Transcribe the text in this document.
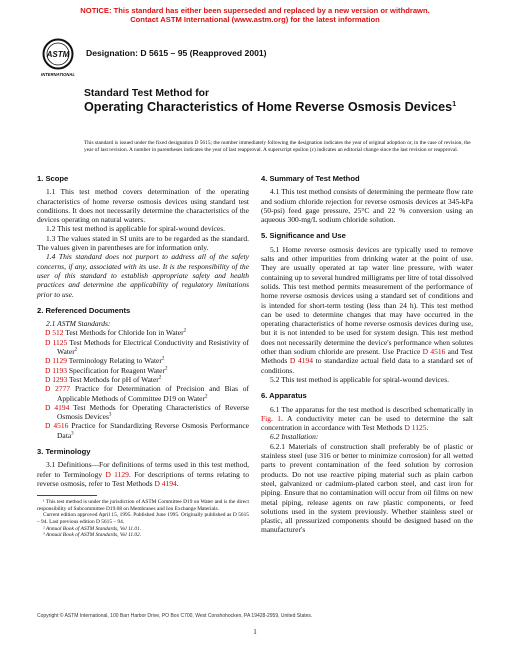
NOTICE: This standard has either been superseded and replaced by a new version or withdrawn.
Contact ASTM International (www.astm.org) for the latest information
ASTM
INTERNATIONAL
Designation: D 5615 – 95 (Reapproved 2001)
Standard Test Method for
Operating Characteristics of Home Reverse Osmosis Devices$^1$
This standard is issued under the fixed designation D 5615; the number immediately following the designation indicates the year of original adoption or, in the case of revision, the year of last revision. A number in parentheses indicates the year of last reapproval. A superscript epsilon (ε) indicates an editorial change since the last revision or reapproval.
1. Scope

1.1 This test method covers determination of the operating characteristics of home reverse osmosis devices using standard test conditions. It does not necessarily determine the characteristics of the devices operating on natural waters.

1.2 This test method is applicable for spiral-wound devices.

1.3 The values stated in SI units are to be regarded as the standard. The values given in parentheses are for information only.

1.4 This standard does not purport to address all of the safety concerns, if any, associated with its use. It is the responsibility of the user of this standard to establish appropriate safety and health practices and determine the applicability of regulatory limitations prior to use.

2. Referenced Documents

2.1 ASTM Standards:

D 512 Test Methods for Chloride Ion in Water$^2$
D 1125 Test Methods for Electrical Conductivity and Resistivity of Water$^2$
D 1129 Terminology Relating to Water$^2$
D 1193 Specification for Reagent Water$^2$
D 1293 Test Methods for pH of Water$^2$
D 2777 Practice for Determination of Precision and Bias of Applicable Methods of Committee D19 on Water$^2$
D 4194 Test Methods for Operating Characteristics of Reverse Osmosis Devices$^3$
D 4516 Practice for Standardizing Reverse Osmosis Performance Data$^3$
3. Terminology

3.1 Definitions—For definitions of terms used in this test method, refer to Terminology D 1129. For descriptions of terms relating to reverse osmosis, refer to Test Methods D 4194.

¹ This test method is under the jurisdiction of ASTM Committee D19 on Water and is the direct responsibility of Subcommittee D19.08 on Membranes and Ion Exchange Materials.

Current edition approved April 15, 1995. Published June 1995. Originally published as D 5615 – 94. Last previous edition D 5615 – 94.

² Annual Book of ASTM Standards, Vol 11.01.

³ Annual Book of ASTM Standards, Vol 11.02.

4. Summary of Test Method

4.1 This test method consists of determining the permeate flow rate and sodium chloride rejection for reverse osmosis devices at 345-kPa (50-psi) feed gage pressure, 25°C and 22 % conversion using an aqueous 300-mg/L sodium chloride solution.

5. Significance and Use

5.1 Home reverse osmosis devices are typically used to remove salts and other impurities from drinking water at the point of use. They are usually operated at tap water line pressure, with water containing up to several hundred milligrams per litre of total dissolved solids. This test method permits measurement of the performance of home reverse osmosis devices using a standard set of conditions and is intended for short-term testing (less than 24 h). This test method can be used to determine changes that may have occurred in the operating characteristics of home reverse osmosis devices during use, but it is not intended to be used for system design. This test method does not necessarily determine the device's performance when solutes other than sodium chloride are present. Use Practice D 4516 and Test Methods D 4194 to standardize actual field data to a standard set of conditions.

5.2 This test method is applicable for spiral-wound devices.

6. Apparatus

6.1 The apparatus for the test method is described schematically in Fig. 1. A conductivity meter can be used to determine the salt concentration in accordance with Test Methods D 1125.

6.2 Installation:

6.2.1 Materials of construction shall preferably be of plastic or stainless steel (use 316 or better to minimize corrosion) for all wetted parts to prevent contamination of the feed solution by corrosion products. Do not use reactive piping material such as plain carbon steel, galvanized or cadmium-plated carbon steel, and cast iron for piping. Ensure that no contamination will occur from oil films on new metal piping, release agents on raw plastic components, or feed solutions used in the system previously. Whether stainless steel or plastic, all pressurized components should be designed based on the manufacturer's

Copyright © ASTM International, 100 Barr Harbor Drive, PO Box C700, West Conshohocken, PA 19428-2959, United States.
1
